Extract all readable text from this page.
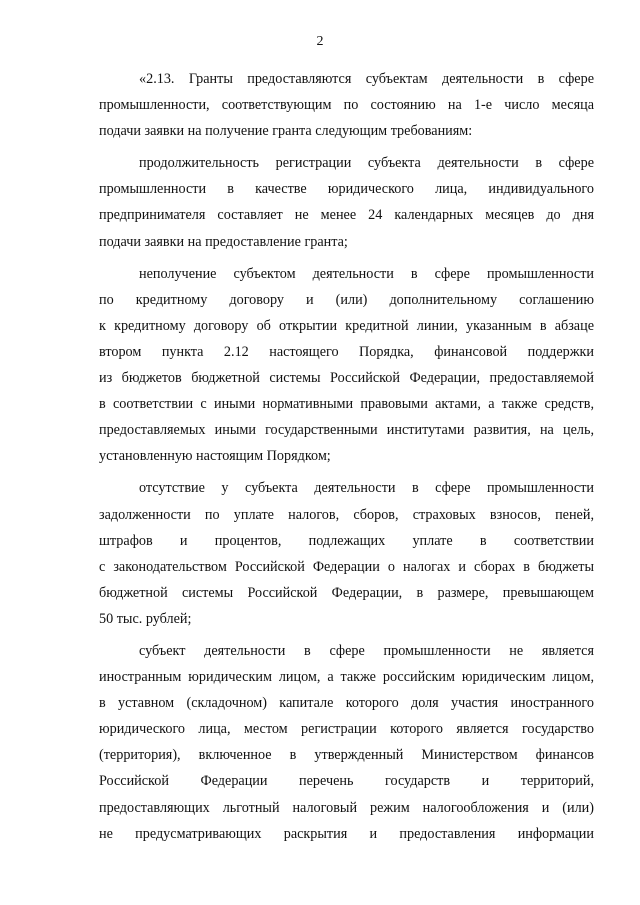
2

«2.13. Гранты предоставляются субъектам деятельности в сфере
промышленности, соответствующим по состоянию на 1-е число месяца
подачи заявки на получение гранта следующим требованиям:

продолжительность регистрации субъекта деятельности в сфере
промышленности в качестве юридического лица, индивидуального
предпринимателя составляет не менее 24 календарных месяцев до дня
подачи заявки на предоставление гранта;

неполучение субъектом деятельности в сфере промышленности
по кредитному договору и (или) дополнительному соглашению
к кредитному договору об открытии кредитной линии, указанным в абзаце
втором пункта 2.12 настоящего Порядка, финансовой поддержки
из бюджетов бюджетной системы Российской Федерации, предоставляемой
в соответствии с иными нормативными правовыми актами, а также средств,
предоставляемых иными государственными институтами развития, на цель,
установленную настоящим Порядком;

отсутствие у субъекта деятельности в сфере промышленности
задолженности по уплате налогов, сборов, страховых взносов, пеней,
штрафов и процентов, подлежащих уплате в соответствии
с законодательством Российской Федерации о налогах и сборах в бюджеты
бюджетной системы Российской Федерации, в размере, превышающем
50 тыс. рублей;

субъект деятельности в сфере промышленности не является
иностранным юридическим лицом, а также российским юридическим лицом,
в уставном (складочном) капитале которого доля участия иностранного
юридического лица, местом регистрации которого является государство
(территория), включенное в утвержденный Министерством финансов
Российской Федерации перечень государств и территорий,
предоставляющих льготный налоговый режим налогообложения и (или)
не предусматривающих раскрытия и предоставления информации
